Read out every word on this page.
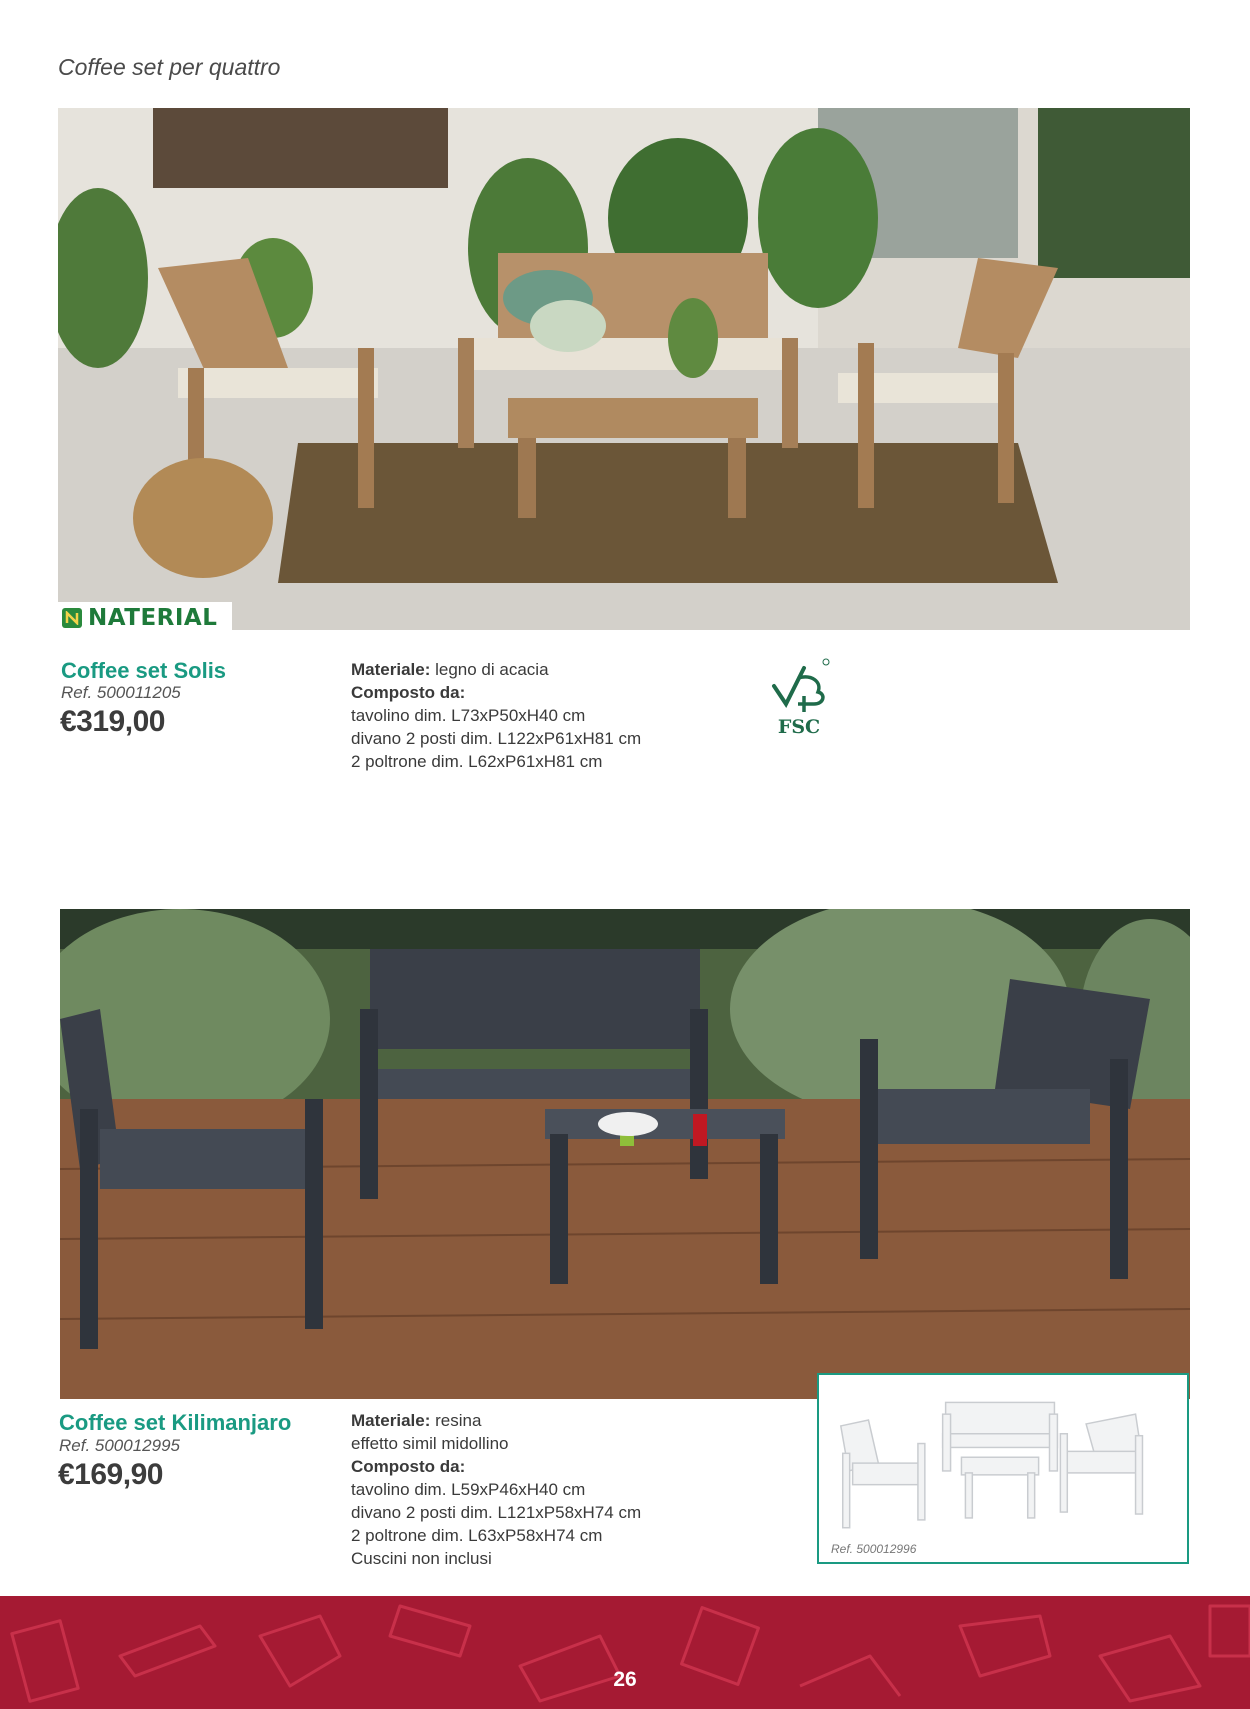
Coffee set per quattro
NATERIAL
Coffee set Solis
Ref. 500011205
€319,00
Materiale: legno di acacia
Composto da:
tavolino dim. L73xP50xH40 cm
divano 2 posti dim. L122xP61xH81 cm
2 poltrone dim. L62xP61xH81 cm
FSC
Coffee set Kilimanjaro
Ref. 500012995
€169,90
Materiale: resina
effetto simil midollino
Composto da:
tavolino dim. L59xP46xH40 cm
divano 2 posti dim. L121xP58xH74 cm
2 poltrone dim. L63xP58xH74 cm
Cuscini non inclusi	Ref. 500012996
26
